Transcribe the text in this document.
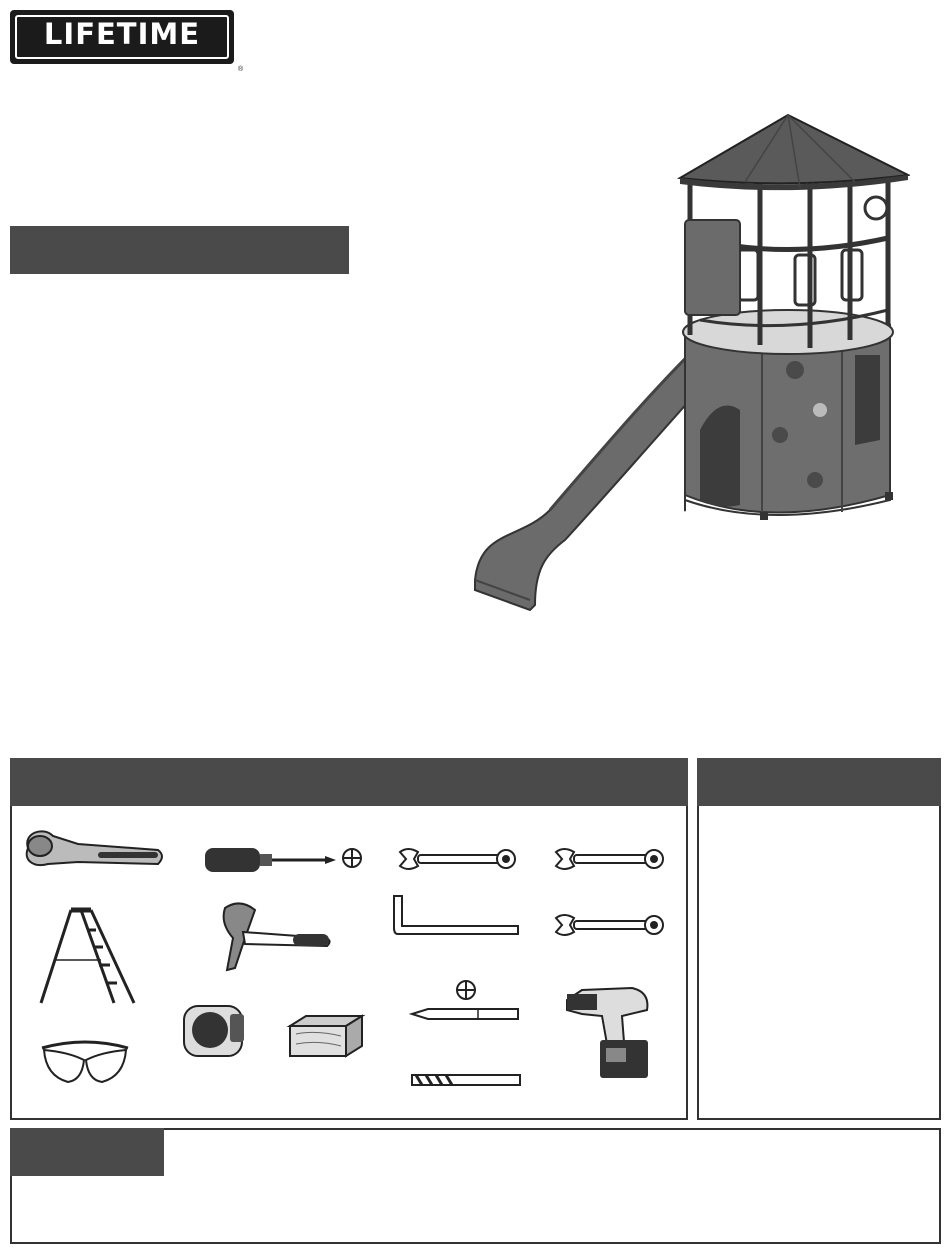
LIFETIME
®
